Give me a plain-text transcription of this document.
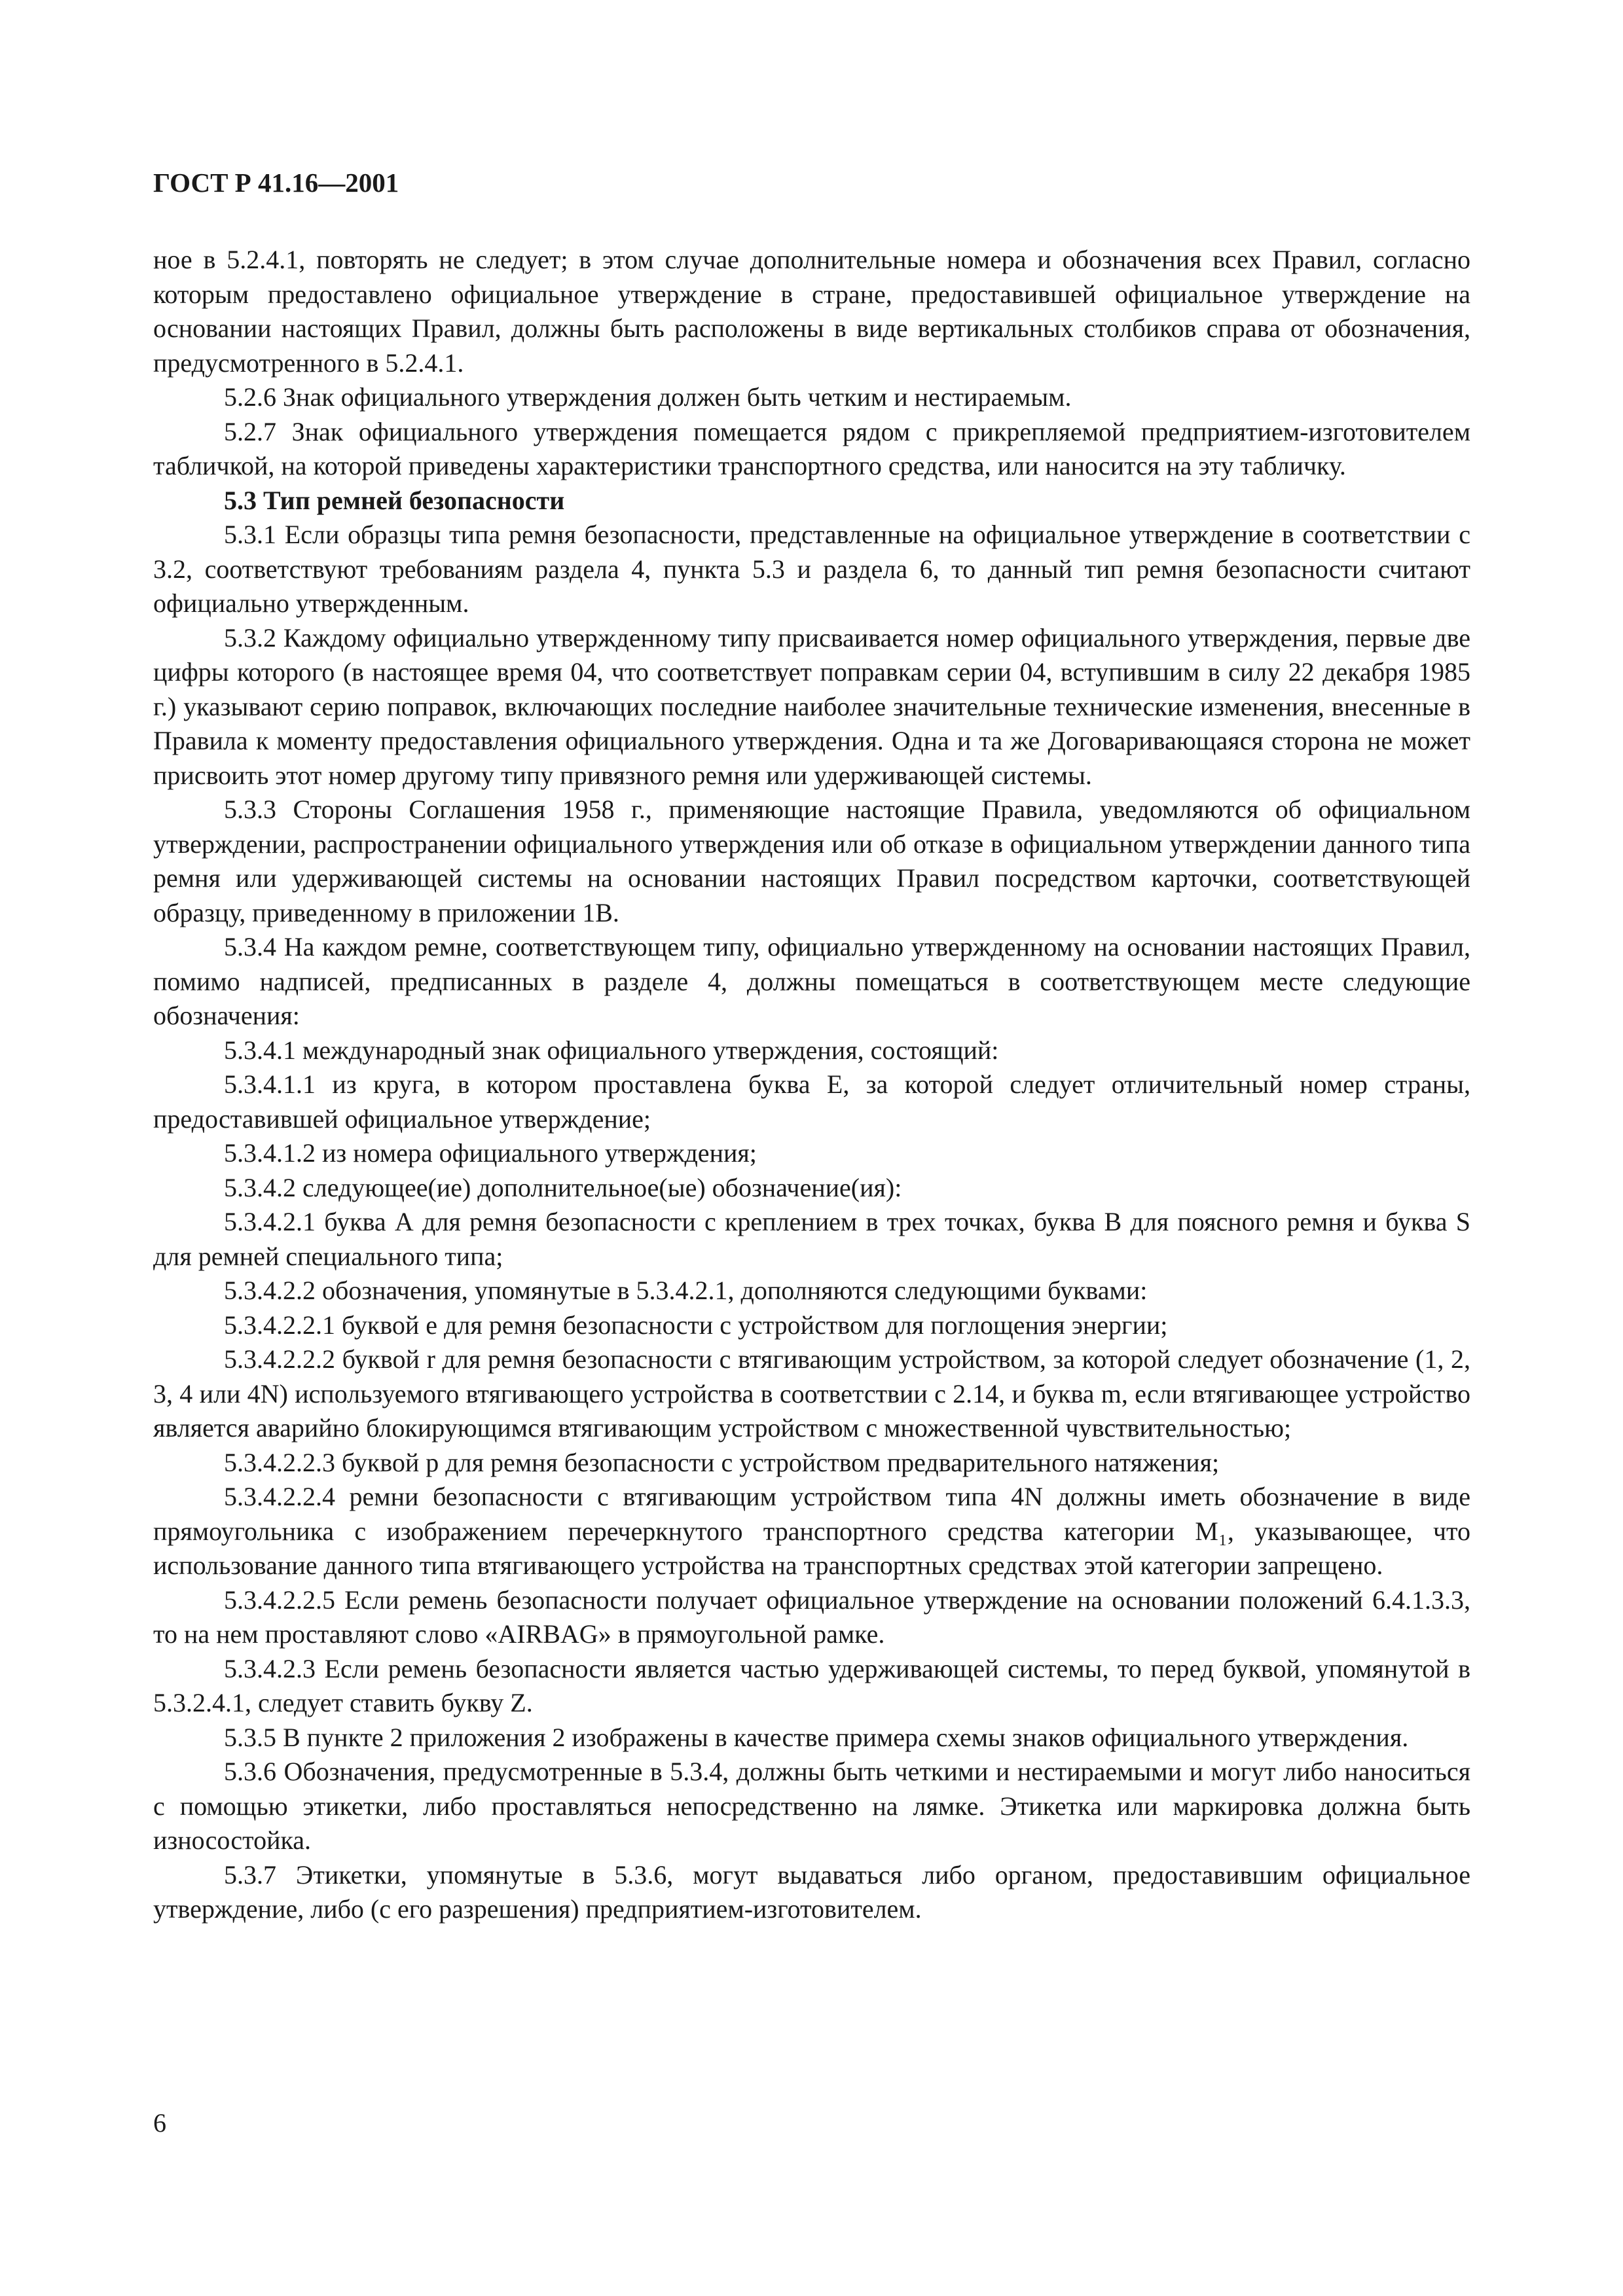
ГОСТ Р 41.16—2001

ное в 5.2.4.1, повторять не следует; в этом случае дополнительные номера и обозначения всех Правил, согласно которым предоставлено официальное утверждение в стране, предоставившей официальное утверждение на основании настоящих Правил, должны быть расположены в виде вертикальных столбиков справа от обозначения, предусмотренного в 5.2.4.1.

5.2.6 Знак официального утверждения должен быть четким и нестираемым.

5.2.7 Знак официального утверждения помещается рядом с прикрепляемой предприятием-изготовителем табличкой, на которой приведены характеристики транспортного средства, или наносится на эту табличку.

5.3 Тип ремней безопасности

5.3.1 Если образцы типа ремня безопасности, представленные на официальное утверждение в соответствии с 3.2, соответствуют требованиям раздела 4, пункта 5.3 и раздела 6, то данный тип ремня безопасности считают официально утвержденным.

5.3.2 Каждому официально утвержденному типу присваивается номер официального утверждения, первые две цифры которого (в настоящее время 04, что соответствует поправкам серии 04, вступившим в силу 22 декабря 1985 г.) указывают серию поправок, включающих последние наиболее значительные технические изменения, внесенные в Правила к моменту предоставления официального утверждения. Одна и та же Договаривающаяся сторона не может присвоить этот номер другому типу привязного ремня или удерживающей системы.

5.3.3 Стороны Соглашения 1958 г., применяющие настоящие Правила, уведомляются об официальном утверждении, распространении официального утверждения или об отказе в официальном утверждении данного типа ремня или удерживающей системы на основании настоящих Правил посредством карточки, соответствующей образцу, приведенному в приложении 1В.

5.3.4 На каждом ремне, соответствующем типу, официально утвержденному на основании настоящих Правил, помимо надписей, предписанных в разделе 4, должны помещаться в соответствующем месте следующие обозначения:

5.3.4.1 международный знак официального утверждения, состоящий:

5.3.4.1.1 из круга, в котором проставлена буква Е, за которой следует отличительный номер страны, предоставившей официальное утверждение;

5.3.4.1.2 из номера официального утверждения;

5.3.4.2 следующее(ие) дополнительное(ые) обозначение(ия):

5.3.4.2.1 буква А для ремня безопасности с креплением в трех точках, буква В для поясного ремня и буква S для ремней специального типа;

5.3.4.2.2 обозначения, упомянутые в 5.3.4.2.1, дополняются следующими буквами:

5.3.4.2.2.1 буквой е для ремня безопасности с устройством для поглощения энергии;

5.3.4.2.2.2 буквой r для ремня безопасности с втягивающим устройством, за которой следует обозначение (1, 2, 3, 4 или 4N) используемого втягивающего устройства в соответствии с 2.14, и буква m, если втягивающее устройство является аварийно блокирующимся втягивающим устройством с множественной чувствительностью;

5.3.4.2.2.3 буквой р для ремня безопасности с устройством предварительного натяжения;

5.3.4.2.2.4 ремни безопасности с втягивающим устройством типа 4N должны иметь обозначение в виде прямоугольника с изображением перечеркнутого транспортного средства категории М₁, указывающее, что использование данного типа втягивающего устройства на транспортных средствах этой категории запрещено.

5.3.4.2.2.5 Если ремень безопасности получает официальное утверждение на основании положений 6.4.1.3.3, то на нем проставляют слово «AIRBAG» в прямоугольной рамке.

5.3.4.2.3 Если ремень безопасности является частью удерживающей системы, то перед буквой, упомянутой в 5.3.2.4.1, следует ставить букву Z.

5.3.5 В пункте 2 приложения 2 изображены в качестве примера схемы знаков официального утверждения.

5.3.6 Обозначения, предусмотренные в 5.3.4, должны быть четкими и нестираемыми и могут либо наноситься с помощью этикетки, либо проставляться непосредственно на лямке. Этикетка или маркировка должна быть износостойка.

5.3.7 Этикетки, упомянутые в 5.3.6, могут выдаваться либо органом, предоставившим официальное утверждение, либо (с его разрешения) предприятием-изготовителем.

6
